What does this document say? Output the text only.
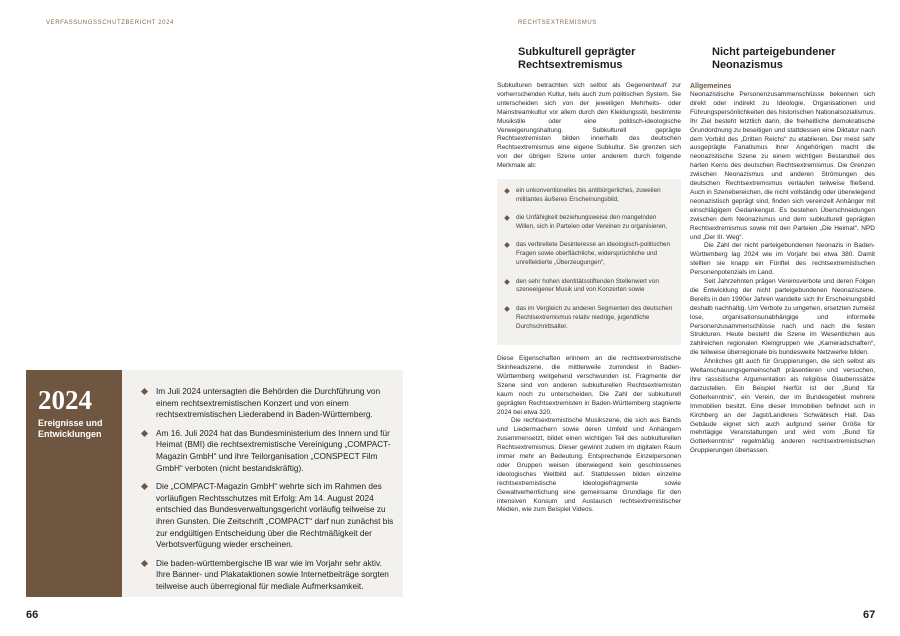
VERFASSUNGSSCHUTZBERICHT 2024
2024
Ereignisse und Entwicklungen
Im Juli 2024 untersagten die Behörden die Durchführung von einem rechtsextremistischen Konzert und von einem rechtsextremistischen Liederabend in Baden-Württemberg.
Am 16. Juli 2024 hat das Bundesministerium des Innern und für Heimat (BMI) die rechtsextremistische Vereinigung „COMPACT-Magazin GmbH“ und ihre Teilorganisation „CONSPECT Film GmbH“ verboten (nicht bestandskräftig).
Die „COMPACT-Magazin GmbH“ wehrte sich im Rahmen des vorläufigen Rechtsschutzes mit Erfolg: Am 14. August 2024 entschied das Bundesverwaltungsgericht vorläufig teilweise zu ihren Gunsten. Die Zeitschrift „COMPACT“ darf nun zunächst bis zur endgültigen Entscheidung über die Rechtmäßigkeit der Verbotsverfügung wieder erscheinen.
Die baden-württembergische IB war wie im Vorjahr sehr aktiv. Ihre Banner- und Plakataktionen sowie Internetbeiträge sorgten teilweise auch überregional für mediale Aufmerksamkeit.
66
RECHTSEXTREMISMUS
Subkulturell geprägter Rechtsextremismus

Subkulturen betrachten sich selbst als Gegenentwurf zur vorherrschenden Kultur, teils auch zum politischen System. Sie unterscheiden sich von der jeweiligen Mehrheits- oder Mainstreamkultur vor allem durch den Kleidungsstil, bestimmte Musikstile oder eine politisch-ideologische Verweigerungshaltung. Subkulturell geprägte Rechtsextremisten bilden innerhalb des deutschen Rechtsextremismus eine eigene Subkultur. Sie grenzen sich von der übrigen Szene unter anderem durch folgende Merkmale ab:

ein unkonventionelles bis antibürgerliches, zuweilen militantes äußeres Erscheinungsbild,
die Unfähigkeit beziehungsweise den mangelnden Willen, sich in Parteien oder Vereinen zu organisieren,
das verbreitete Desinteresse an ideologisch-politischen Fragen sowie oberflächliche, widersprüchliche und unreflektierte „Überzeugungen“,
den sehr hohen identitätsstiftenden Stellenwert von szeneeigener Musik und von Konzerten sowie
das im Vergleich zu anderen Segmenten des deutschen Rechtsextremismus relativ niedrige, jugendliche Durchschnittsalter.

Diese Eigenschaften erinnern an die rechtsextremistische Skinheadszene, die mittlerweile zumindest in Baden-Württemberg weitgehend verschwunden ist. Fragmente der Szene sind von anderen subkulturellen Rechtsextremisten kaum noch zu unterscheiden. Die Zahl der subkulturell geprägten Rechtsextremisten in Baden-Württemberg stagnierte 2024 bei etwa 320.

Die rechtsextremistische Musikszene, die sich aus Bands und Liedermachern sowie deren Umfeld und Anhängern zusammensetzt, bildet einen wichtigen Teil des subkulturellen Rechtsextremismus. Dieser gewinnt zudem im digitalen Raum immer mehr an Bedeutung. Entsprechende Einzelpersonen oder Gruppen weisen überwiegend kein geschlossenes ideologisches Weltbild auf. Stattdessen bilden einzelne rechtsextremistische Ideologiefragmente sowie Gewaltverherrlichung eine gemeinsame Grundlage für den intensiven Konsum und Austausch rechtsextremistischer Medien, wie zum Beispiel Videos.

Nicht parteigebundener Neonazismus
Allgemeines

Neonazistische Personenzusammenschlüsse bekennen sich direkt oder indirekt zu Ideologie, Organisationen und Führungspersönlichkeiten des historischen Nationalsozialismus. Ihr Ziel besteht letztlich darin, die freiheitliche demokratische Grundordnung zu beseitigen und stattdessen eine Diktatur nach dem Vorbild des „Dritten Reichs“ zu etablieren. Der meist sehr ausgeprägte Fanatismus ihrer Angehörigen macht die neonazistische Szene zu einem wichtigen Bestandteil des harten Kerns des deutschen Rechtsextremismus. Die Grenzen zwischen Neonazismus und anderen Strömungen des deutschen Rechtsextremismus verlaufen teilweise fließend. Auch in Szenebereichen, die nicht vollständig oder überwiegend neonazistisch geprägt sind, finden sich vereinzelt Anhänger mit einschlägigem Gedankengut. Es bestehen Überschneidungen zwischen dem Neonazismus und dem subkulturell geprägten Rechtsextremismus sowie mit den Parteien „Die Heimat“, NPD und „Der III. Weg“.

Die Zahl der nicht parteigebundenen Neonazis in Baden-Württemberg lag 2024 wie im Vorjahr bei etwa 380. Damit stellten sie knapp ein Fünftel des rechtsextremistischen Personenpotenzials im Land.

Seit Jahrzehnten prägen Vereinsverbote und deren Folgen die Entwicklung der nicht parteigebundenen Neonaziszene. Bereits in den 1990er Jahren wandelte sich ihr Erscheinungsbild deshalb nachhaltig. Um Verbote zu umgehen, ersetzten zumeist lose, organisationsunabhängige und informelle Personenzusammenschlüsse nach und nach die festen Strukturen. Heute besteht die Szene im Wesentlichen aus zahlreichen regionalen Kleingruppen wie „Kameradschaften“, die teilweise überregionale bis bundesweite Netzwerke bilden.

Ähnliches gilt auch für Gruppierungen, die sich selbst als Weltanschauungsgemeinschaft präsentieren und versuchen, ihre rassistische Argumentation als religiöse Glaubenssätze darzustellen. Ein Beispiel hierfür ist der „Bund für Gotterkenntnis“, ein Verein, der im Bundesgebiet mehrere Immobilien besitzt. Eine dieser Immobilien befindet sich in Kirchberg an der Jagst/Landkreis Schwäbisch Hall. Das Gebäude eignet sich auch aufgrund seiner Größe für mehrtägige Veranstaltungen und wird vom „Bund für Gotterkenntnis“ regelmäßig anderen rechtsextremistischen Gruppierungen überlassen.

67
